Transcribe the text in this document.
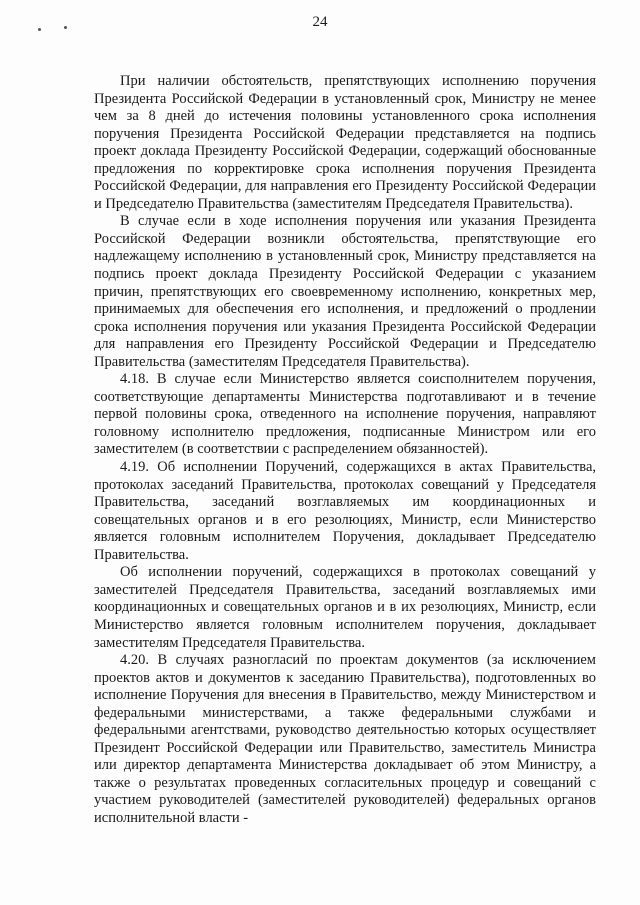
24

При наличии обстоятельств, препятствующих исполнению поручения Президента Российской Федерации в установленный срок, Министру не менее чем за 8 дней до истечения половины установленного срока исполнения поручения Президента Российской Федерации представляется на подпись проект доклада Президенту Российской Федерации, содержащий обоснованные предложения по корректировке срока исполнения поручения Президента Российской Федерации, для направления его Президенту Российской Федерации и Председателю Правительства (заместителям Председателя Правительства).

В случае если в ходе исполнения поручения или указания Президента Российской Федерации возникли обстоятельства, препятствующие его надлежащему исполнению в установленный срок, Министру представляется на подпись проект доклада Президенту Российской Федерации с указанием причин, препятствующих его своевременному исполнению, конкретных мер, принимаемых для обеспечения его исполнения, и предложений о продлении срока исполнения поручения или указания Президента Российской Федерации для направления его Президенту Российской Федерации и Председателю Правительства (заместителям Председателя Правительства).

4.18. В случае если Министерство является соисполнителем поручения, соответствующие департаменты Министерства подготавливают и в течение первой половины срока, отведенного на исполнение поручения, направляют головному исполнителю предложения, подписанные Министром или его заместителем (в соответствии с распределением обязанностей).

4.19. Об исполнении Поручений, содержащихся в актах Правительства, протоколах заседаний Правительства, протоколах совещаний у Председателя Правительства, заседаний возглавляемых им координационных и совещательных органов и в его резолюциях, Министр, если Министерство является головным исполнителем Поручения, докладывает Председателю Правительства.

Об исполнении поручений, содержащихся в протоколах совещаний у заместителей Председателя Правительства, заседаний возглавляемых ими координационных и совещательных органов и в их резолюциях, Министр, если Министерство является головным исполнителем поручения, докладывает заместителям Председателя Правительства.

4.20. В случаях разногласий по проектам документов (за исключением проектов актов и документов к заседанию Правительства), подготовленных во исполнение Поручения для внесения в Правительство, между Министерством и федеральными министерствами, а также федеральными службами и федеральными агентствами, руководство деятельностью которых осуществляет Президент Российской Федерации или Правительство, заместитель Министра или директор департамента Министерства докладывает об этом Министру, а также о результатах проведенных согласительных процедур и совещаний с участием руководителей (заместителей руководителей) федеральных органов исполнительной власти -
